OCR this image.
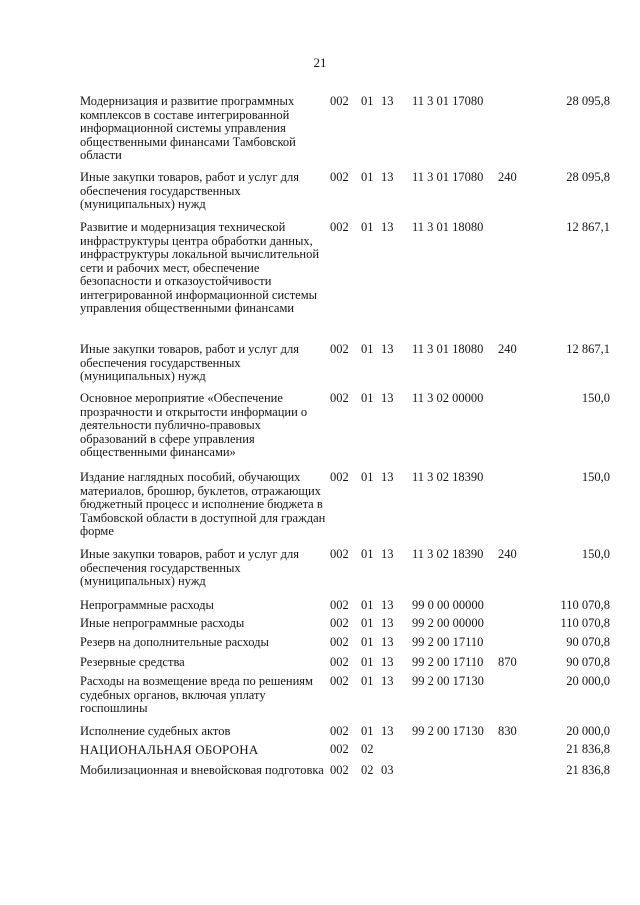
21
Модернизация и развитие программных комплексов в составе интегрированной информационной системы управления общественными финансами Тамбовской области
002 01 13 11 3 01 17080	28 095,8
Иные закупки товаров, работ и услуг для обеспечения государственных (муниципальных) нужд
002 01 13 11 3 01 17080 240	28 095,8
Развитие и модернизация технической инфраструктуры центра обработки данных, инфраструктуры локальной вычислительной сети и рабочих мест, обеспечение безопасности и отказоустойчивости интегрированной информационной системы управления общественными финансами
002 01 13 11 3 01 18080	12 867,1
Иные закупки товаров, работ и услуг для обеспечения государственных (муниципальных) нужд
002 01 13 11 3 01 18080 240	12 867,1
Основное мероприятие «Обеспечение прозрачности и открытости информации о деятельности публично-правовых образований в сфере управления общественными финансами»
002 01 13 11 3 02 00000	150,0
Издание наглядных пособий, обучающих материалов, брошюр, буклетов, отражающих бюджетный процесс и исполнение бюджета в Тамбовской области в доступной для граждан форме
002 01 13 11 3 02 18390	150,0
Иные закупки товаров, работ и услуг для обеспечения государственных (муниципальных) нужд
002 01 13 11 3 02 18390 240	150,0
Непрограммные расходы	002 01 13 99 0 00 00000	110 070,8
Иные непрограммные расходы	002 01 13 99 2 00 00000	110 070,8
Резерв на дополнительные расходы	002 01 13 99 2 00 17110	90 070,8
Резервные средства	002 01 13 99 2 00 17110 870	90 070,8
Расходы на возмещение вреда по решениям судебных органов, включая уплату госпошлины
002 01 13 99 2 00 17130	20 000,0
Исполнение судебных актов	002 01 13 99 2 00 17130 830	20 000,0
НАЦИОНАЛЬНАЯ ОБОРОНА	002 02	21 836,8
Мобилизационная и вневойсковая подготовка 002 02 03	21 836,8
